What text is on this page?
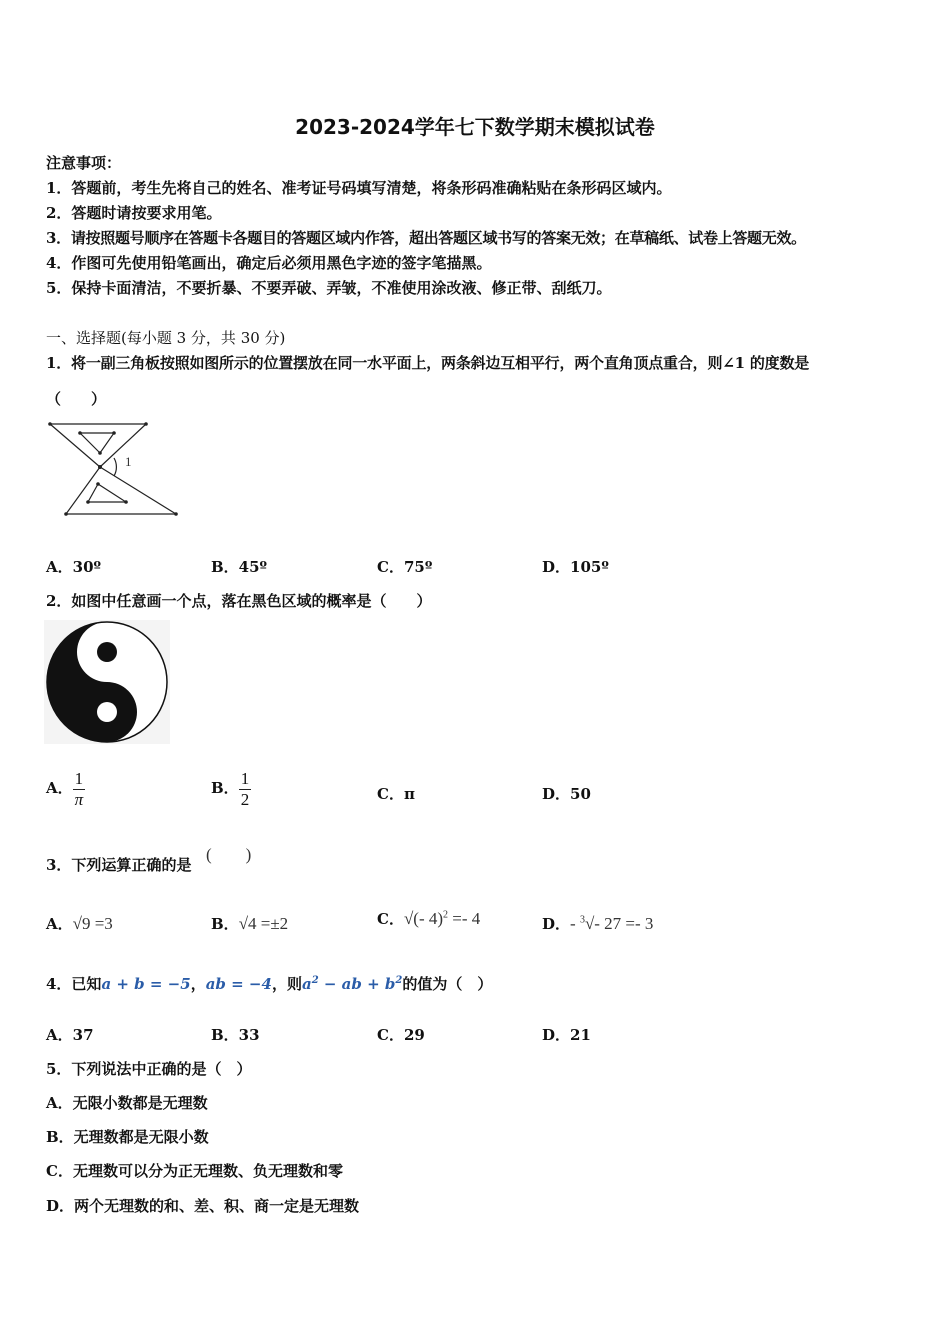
2023-2024学年七下数学期末模拟试卷
注意事项：
1．答题前，考生先将自己的姓名、准考证号码填写清楚，将条形码准确粘贴在条形码区域内。
2．答题时请按要求用笔。
3．请按照题号顺序在答题卡各题目的答题区域内作答，超出答题区域书写的答案无效；在草稿纸、试卷上答题无效。
4．作图可先使用铅笔画出，确定后必须用黑色字迹的签字笔描黑。
5．保持卡面清洁，不要折暴、不要弄破、弄皱，不准使用涂改液、修正带、刮纸刀。
一、选择题(每小题 3 分，共 30 分)
1．将一副三角板按照如图所示的位置摆放在同一水平面上，两条斜边互相平行，两个直角顶点重合，则∠1 的度数是
（　　）
1
A．30º	B．45º	C．75º	D．105º
2．如图中任意画一个点，落在黑色区域的概率是（　　）
A． $\frac{1}{\pi}$	B． $\frac{1}{2}$	C．π	D．50
3．下列运算正确的是
(　　)
A．√9 =3	B．√4 =±2	C．√(- 4)$^2$ =- 4	D．- $^3$√- 27 =- 3
4．已知a + b = −5，ab = −4，则$a^2$ − ab + $b^2$的值为（　）
A．37	B．33	C．29	D．21
5．下列说法中正确的是（　）
A．无限小数都是无理数
B．无理数都是无限小数
C．无理数可以分为正无理数、负无理数和零
D．两个无理数的和、差、积、商一定是无理数
